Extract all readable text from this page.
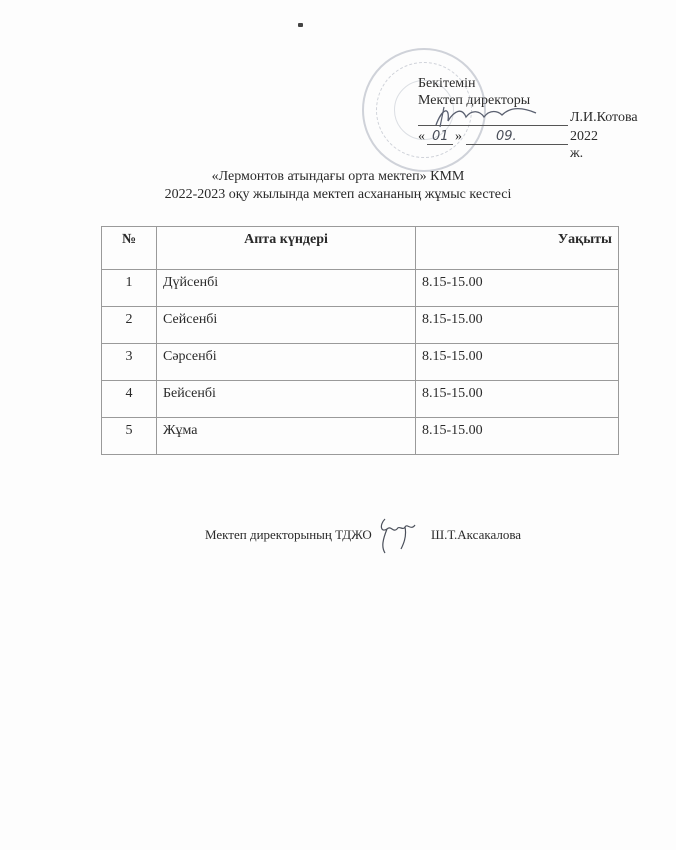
Бекітемін
Мектеп директоры
Л.И.Котова
« 01 »	09.	2022 ж.
«Лермонтов атындағы орта мектеп» КММ
2022-2023 оқу жылында мектеп асхананың жұмыс кестесі
№	Апта күндері	Уақыты
1	Дүйсенбі	8.15-15.00
2	Сейсенбі	8.15-15.00
3	Сәрсенбі	8.15-15.00
4	Бейсенбі	8.15-15.00
5	Жұма	8.15-15.00
Мектеп директорының ТДЖО	Ш.Т.Аксакалова
